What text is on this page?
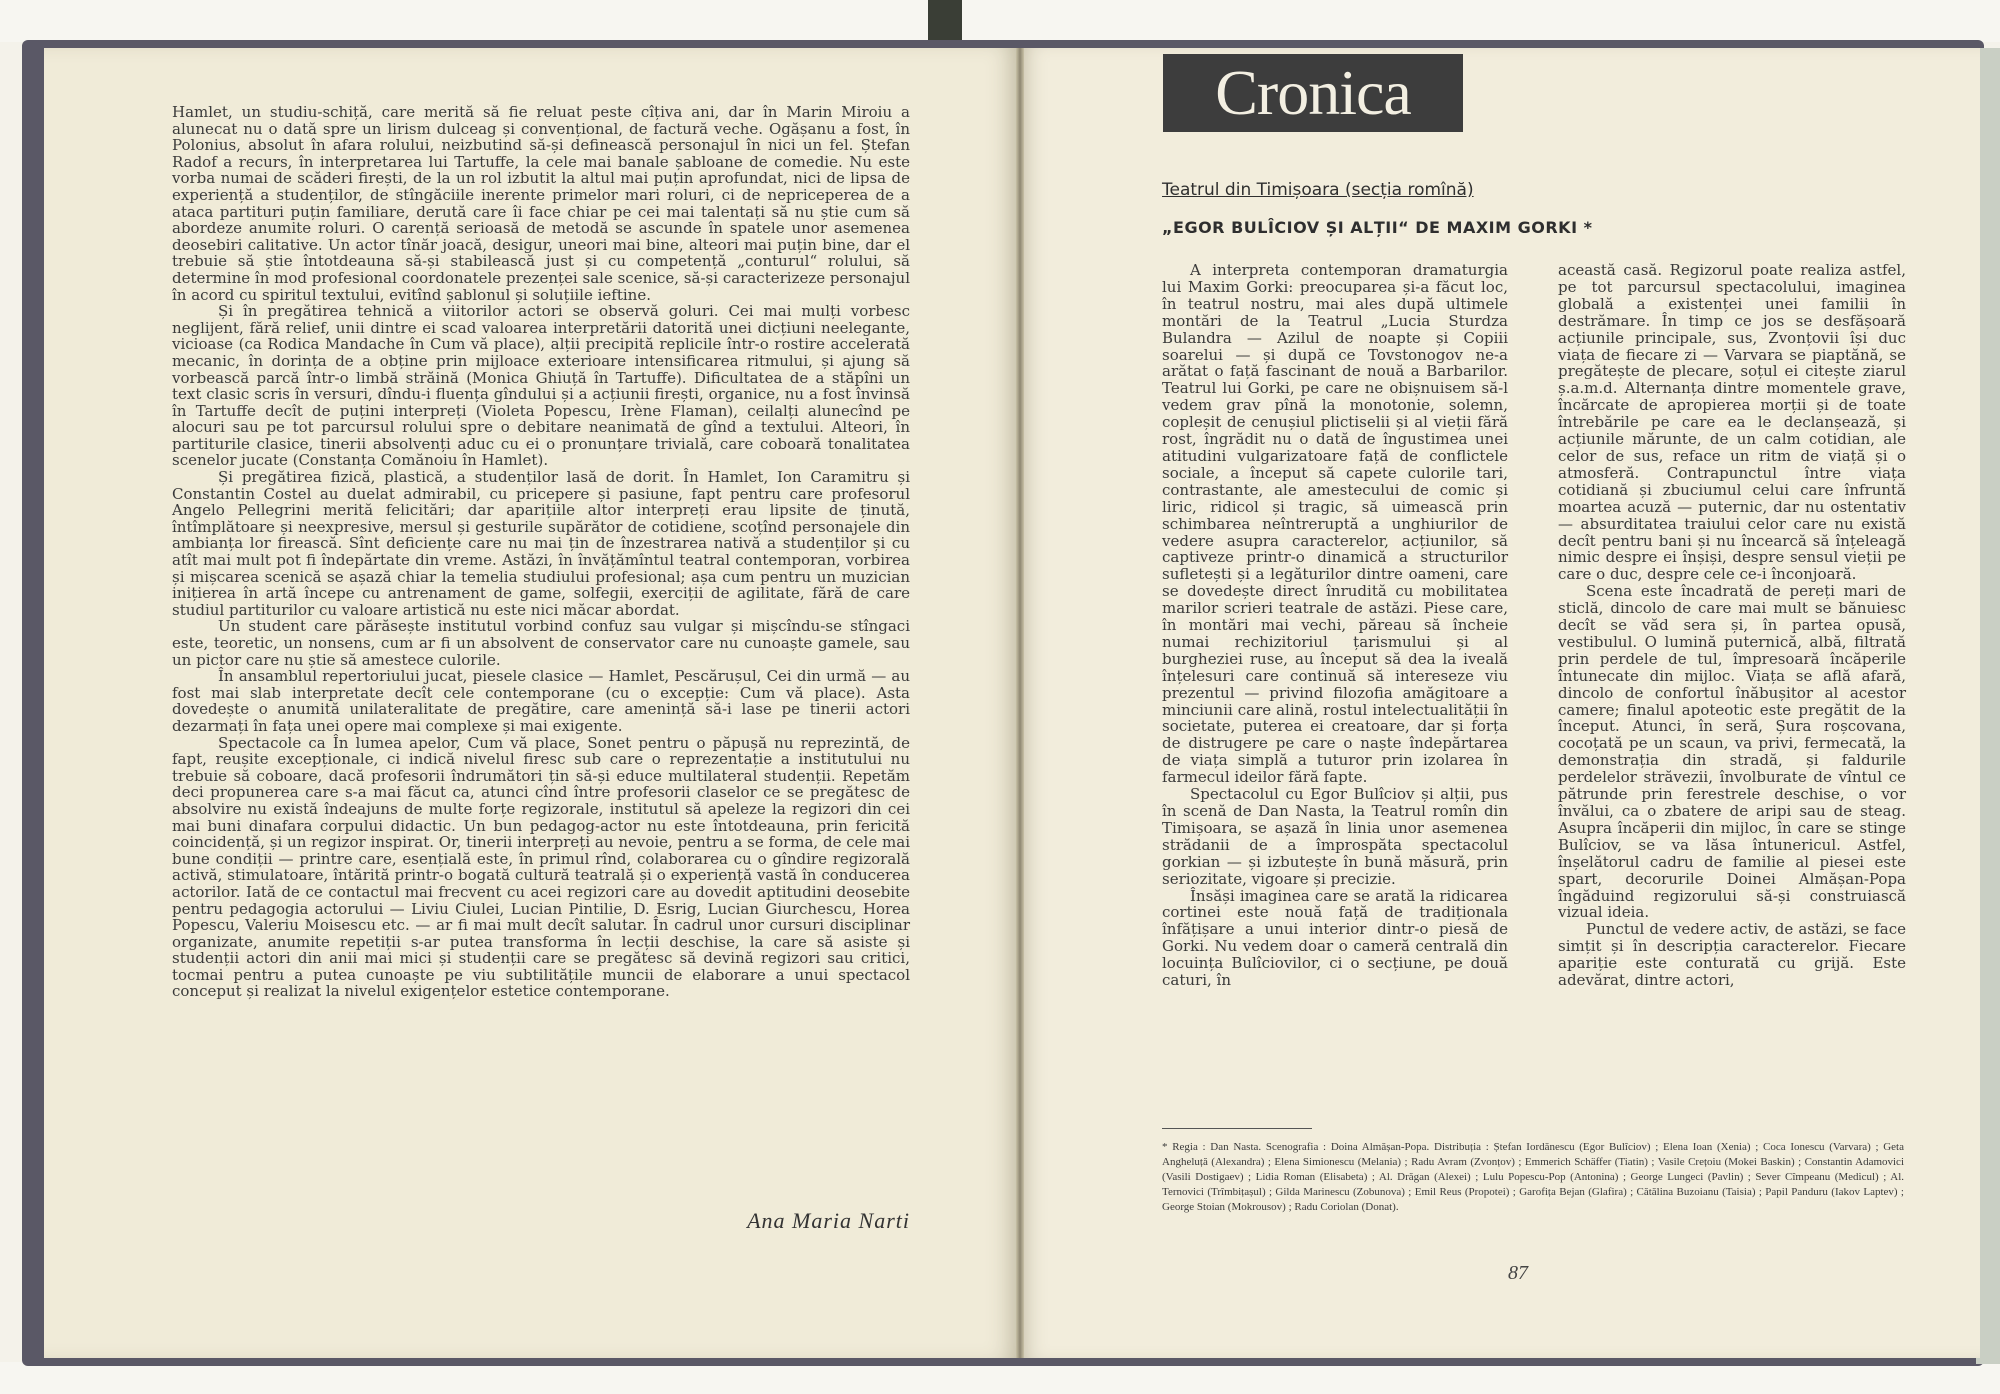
Hamlet, un studiu-schiță, care merită să fie reluat peste cîțiva ani, dar în Marin Miroiu a alunecat nu o dată spre un lirism dulceag și convențional, de factură veche. Ogășanu a fost, în Polonius, absolut în afara rolului, neizbutind să-și definească personajul în nici un fel. Ștefan Radof a recurs, în interpretarea lui Tartuffe, la cele mai banale șabloane de comedie. Nu este vorba numai de scăderi firești, de la un rol izbutit la altul mai puțin aprofundat, nici de lipsa de experiență a studenților, de stîngăciile inerente primelor mari roluri, ci de nepriceperea de a ataca partituri puțin familiare, derută care îi face chiar pe cei mai talentați să nu știe cum să abordeze anumite roluri. O carență serioasă de metodă se ascunde în spatele unor asemenea deosebiri calitative. Un actor tînăr joacă, desigur, uneori mai bine, alteori mai puțin bine, dar el trebuie să știe întotdeauna să-și stabilească just și cu competență „conturul“ rolului, să determine în mod profesional coordonatele prezenței sale scenice, să-și caracterizeze personajul în acord cu spiritul textului, evitînd șablonul și soluțiile ieftine.

Și în pregătirea tehnică a viitorilor actori se observă goluri. Cei mai mulți vorbesc neglijent, fără relief, unii dintre ei scad valoarea interpretării datorită unei dicțiuni neelegante, vicioase (ca Rodica Mandache în Cum vă place), alții precipită replicile într-o rostire accelerată mecanic, în dorința de a obține prin mijloace exterioare intensificarea ritmului, și ajung să vorbească parcă într-o limbă străină (Monica Ghiuță în Tartuffe). Dificultatea de a stăpîni un text clasic scris în versuri, dîndu-i fluența gîndului și a acțiunii firești, organice, nu a fost învinsă în Tartuffe decît de puțini interpreți (Violeta Popescu, Irène Flaman), ceilalți alunecînd pe alocuri sau pe tot parcursul rolului spre o debitare neanimată de gînd a textului. Alteori, în partiturile clasice, tinerii absolvenți aduc cu ei o pronunțare trivială, care coboară tonalitatea scenelor jucate (Constanța Comănoiu în Hamlet).

Și pregătirea fizică, plastică, a studenților lasă de dorit. În Hamlet, Ion Caramitru și Constantin Costel au duelat admirabil, cu pricepere și pasiune, fapt pentru care profesorul Angelo Pellegrini merită felicitări; dar aparițiile altor interpreți erau lipsite de ținută, întîmplătoare și neexpresive, mersul și gesturile supărător de cotidiene, scoțînd personajele din ambianța lor firească. Sînt deficiențe care nu mai țin de înzestrarea nativă a studenților și cu atît mai mult pot fi îndepărtate din vreme. Astăzi, în învățămîntul teatral contemporan, vorbirea și mișcarea scenică se așază chiar la temelia studiului profesional; așa cum pentru un muzician inițierea în artă începe cu antrenament de game, solfegii, exerciții de agilitate, fără de care studiul partiturilor cu valoare artistică nu este nici măcar abordat.

Un student care părăsește institutul vorbind confuz sau vulgar și mișcîndu-se stîngaci este, teoretic, un nonsens, cum ar fi un absolvent de conservator care nu cunoaște gamele, sau un pictor care nu știe să amestece culorile.

În ansamblul repertoriului jucat, piesele clasice — Hamlet, Pescărușul, Cei din urmă — au fost mai slab interpretate decît cele contemporane (cu o excepție: Cum vă place). Asta dovedește o anumită unilateralitate de pregătire, care amenință să-i lase pe tinerii actori dezarmați în fața unei opere mai complexe și mai exigente.

Spectacole ca În lumea apelor, Cum vă place, Sonet pentru o păpușă nu reprezintă, de fapt, reușite excepționale, ci indică nivelul firesc sub care o reprezentație a institutului nu trebuie să coboare, dacă profesorii îndrumători țin să-și educe multilateral studenții. Repetăm deci propunerea care s-a mai făcut ca, atunci cînd între profesorii claselor ce se pregătesc de absolvire nu există îndeajuns de multe forțe regizorale, institutul să apeleze la regizori din cei mai buni dinafara corpului didactic. Un bun pedagog-actor nu este întotdeauna, prin fericită coincidență, și un regizor inspirat. Or, tinerii interpreți au nevoie, pentru a se forma, de cele mai bune condiții — printre care, esențială este, în primul rînd, colaborarea cu o gîndire regizorală activă, stimulatoare, întărită printr-o bogată cultură teatrală și o experiență vastă în conducerea actorilor. Iată de ce contactul mai frecvent cu acei regizori care au dovedit aptitudini deosebite pentru pedagogia actorului — Liviu Ciulei, Lucian Pintilie, D. Esrig, Lucian Giurchescu, Horea Popescu, Valeriu Moisescu etc. — ar fi mai mult decît salutar. În cadrul unor cursuri disciplinar organizate, anumite repetiții s-ar putea transforma în lecții deschise, la care să asiste și studenții actori din anii mai mici și studenții care se pregătesc să devină regizori sau critici, tocmai pentru a putea cunoaște pe viu subtilitățile muncii de elaborare a unui spectacol conceput și realizat la nivelul exigențelor estetice contemporane.

Ana Maria Narti
Cronica
Teatrul din Timișoara (secția romînă)
„EGOR BULÎCIOV ȘI ALȚII“ DE MAXIM GORKI *

A interpreta contemporan dramaturgia lui Maxim Gorki: preocuparea și-a făcut loc, în teatrul nostru, mai ales după ultimele montări de la Teatrul „Lucia Sturdza Bulandra — Azilul de noapte și Copiii soarelui — și după ce Tovstonogov ne-a arătat o față fascinant de nouă a Barbarilor. Teatrul lui Gorki, pe care ne obișnuisem să-l vedem grav pînă la monotonie, solemn, copleșit de cenușiul plictiselii și al vieții fără rost, îngrădit nu o dată de îngustimea unei atitudini vulgarizatoare față de conflictele sociale, a început să capete culorile tari, contrastante, ale amestecului de comic și liric, ridicol și tragic, să uimească prin schimbarea neîntreruptă a unghiurilor de vedere asupra caracterelor, acțiunilor, să captiveze printr-o dinamică a structurilor sufletești și a legăturilor dintre oameni, care se dovedește direct înrudită cu mobilitatea marilor scrieri teatrale de astăzi. Piese care, în montări mai vechi, păreau să încheie numai rechizitoriul țarismului și al burgheziei ruse, au început să dea la iveală înțelesuri care continuă să intereseze viu prezentul — privind filozofia amăgitoare a minciunii care alină, rostul intelectualității în societate, puterea ei creatoare, dar și forța de distrugere pe care o naște îndepărtarea de viața simplă a tuturor prin izolarea în farmecul ideilor fără fapte.

Spectacolul cu Egor Bulîciov și alții, pus în scenă de Dan Nasta, la Teatrul romîn din Timișoara, se așază în linia unor asemenea strădanii de a împrospăta spectacolul gorkian — și izbutește în bună măsură, prin seriozitate, vigoare și precizie.

Însăși imaginea care se arată la ridicarea cortinei este nouă față de tradiționala înfățișare a unui interior dintr-o piesă de Gorki. Nu vedem doar o cameră centrală din locuința Bulîciovilor, ci o secțiune, pe două caturi, în

această casă. Regizorul poate realiza astfel, pe tot parcursul spectacolului, imaginea globală a existenței unei familii în destrămare. În timp ce jos se desfășoară acțiunile principale, sus, Zvonțovii își duc viața de fiecare zi — Varvara se piaptănă, se pregătește de plecare, soțul ei citește ziarul ș.a.m.d. Alternanța dintre momentele grave, încărcate de apropierea morții și de toate întrebările pe care ea le declanșează, și acțiunile mărunte, de un calm cotidian, ale celor de sus, reface un ritm de viață și o atmosferă. Contrapunctul între viața cotidiană și zbuciumul celui care înfruntă moartea acuză — puternic, dar nu ostentativ — absurditatea traiului celor care nu există decît pentru bani și nu încearcă să înțeleagă nimic despre ei înșiși, despre sensul vieții pe care o duc, despre cele ce-i înconjoară.

Scena este încadrată de pereți mari de sticlă, dincolo de care mai mult se bănuiesc decît se văd sera și, în partea opusă, vestibulul. O lumină puternică, albă, filtrată prin perdele de tul, împresoară încăperile întunecate din mijloc. Viața se află afară, dincolo de confortul înăbușitor al acestor camere; finalul apoteotic este pregătit de la început. Atunci, în seră, Șura roșcovana, cocoțată pe un scaun, va privi, fermecată, la demonstrația din stradă, și faldurile perdelelor străvezii, învolburate de vîntul ce pătrunde prin ferestrele deschise, o vor învălui, ca o zbatere de aripi sau de steag. Asupra încăperii din mijloc, în care se stinge Bulîciov, se va lăsa întunericul. Astfel, înșelătorul cadru de familie al piesei este spart, decorurile Doinei Almășan-Popa îngăduind regizorului să-și construiască vizual ideia.

Punctul de vedere activ, de astăzi, se face simțit și în descripția caracterelor. Fiecare apariție este conturată cu grijă. Este adevărat, dintre actori,

* Regia : Dan Nasta. Scenografia : Doina Almășan-Popa. Distribuția : Ștefan Iordănescu (Egor Bulîciov) ; Elena Ioan (Xenia) ; Coca Ionescu (Varvara) ; Geta Angheluță (Alexandra) ; Elena Simionescu (Melania) ; Radu Avram (Zvonțov) ; Emmerich Schäffer (Tiatin) ; Vasile Crețoiu (Mokei Baskin) ; Constantin Adamovici (Vasili Dostigaev) ; Lidia Roman (Elisabeta) ; Al. Drăgan (Alexei) ; Lulu Popescu-Pop (Antonina) ; George Lungeci (Pavlin) ; Sever Cîmpeanu (Medicul) ; Al. Ternovici (Trîmbițașul) ; Gilda Marinescu (Zobunova) ; Emil Reus (Propotei) ; Garofița Bejan (Glafira) ; Cătălina Buzoianu (Taisia) ; Papil Panduru (Iakov Laptev) ; George Stoian (Mokrousov) ; Radu Coriolan (Donat).
87
